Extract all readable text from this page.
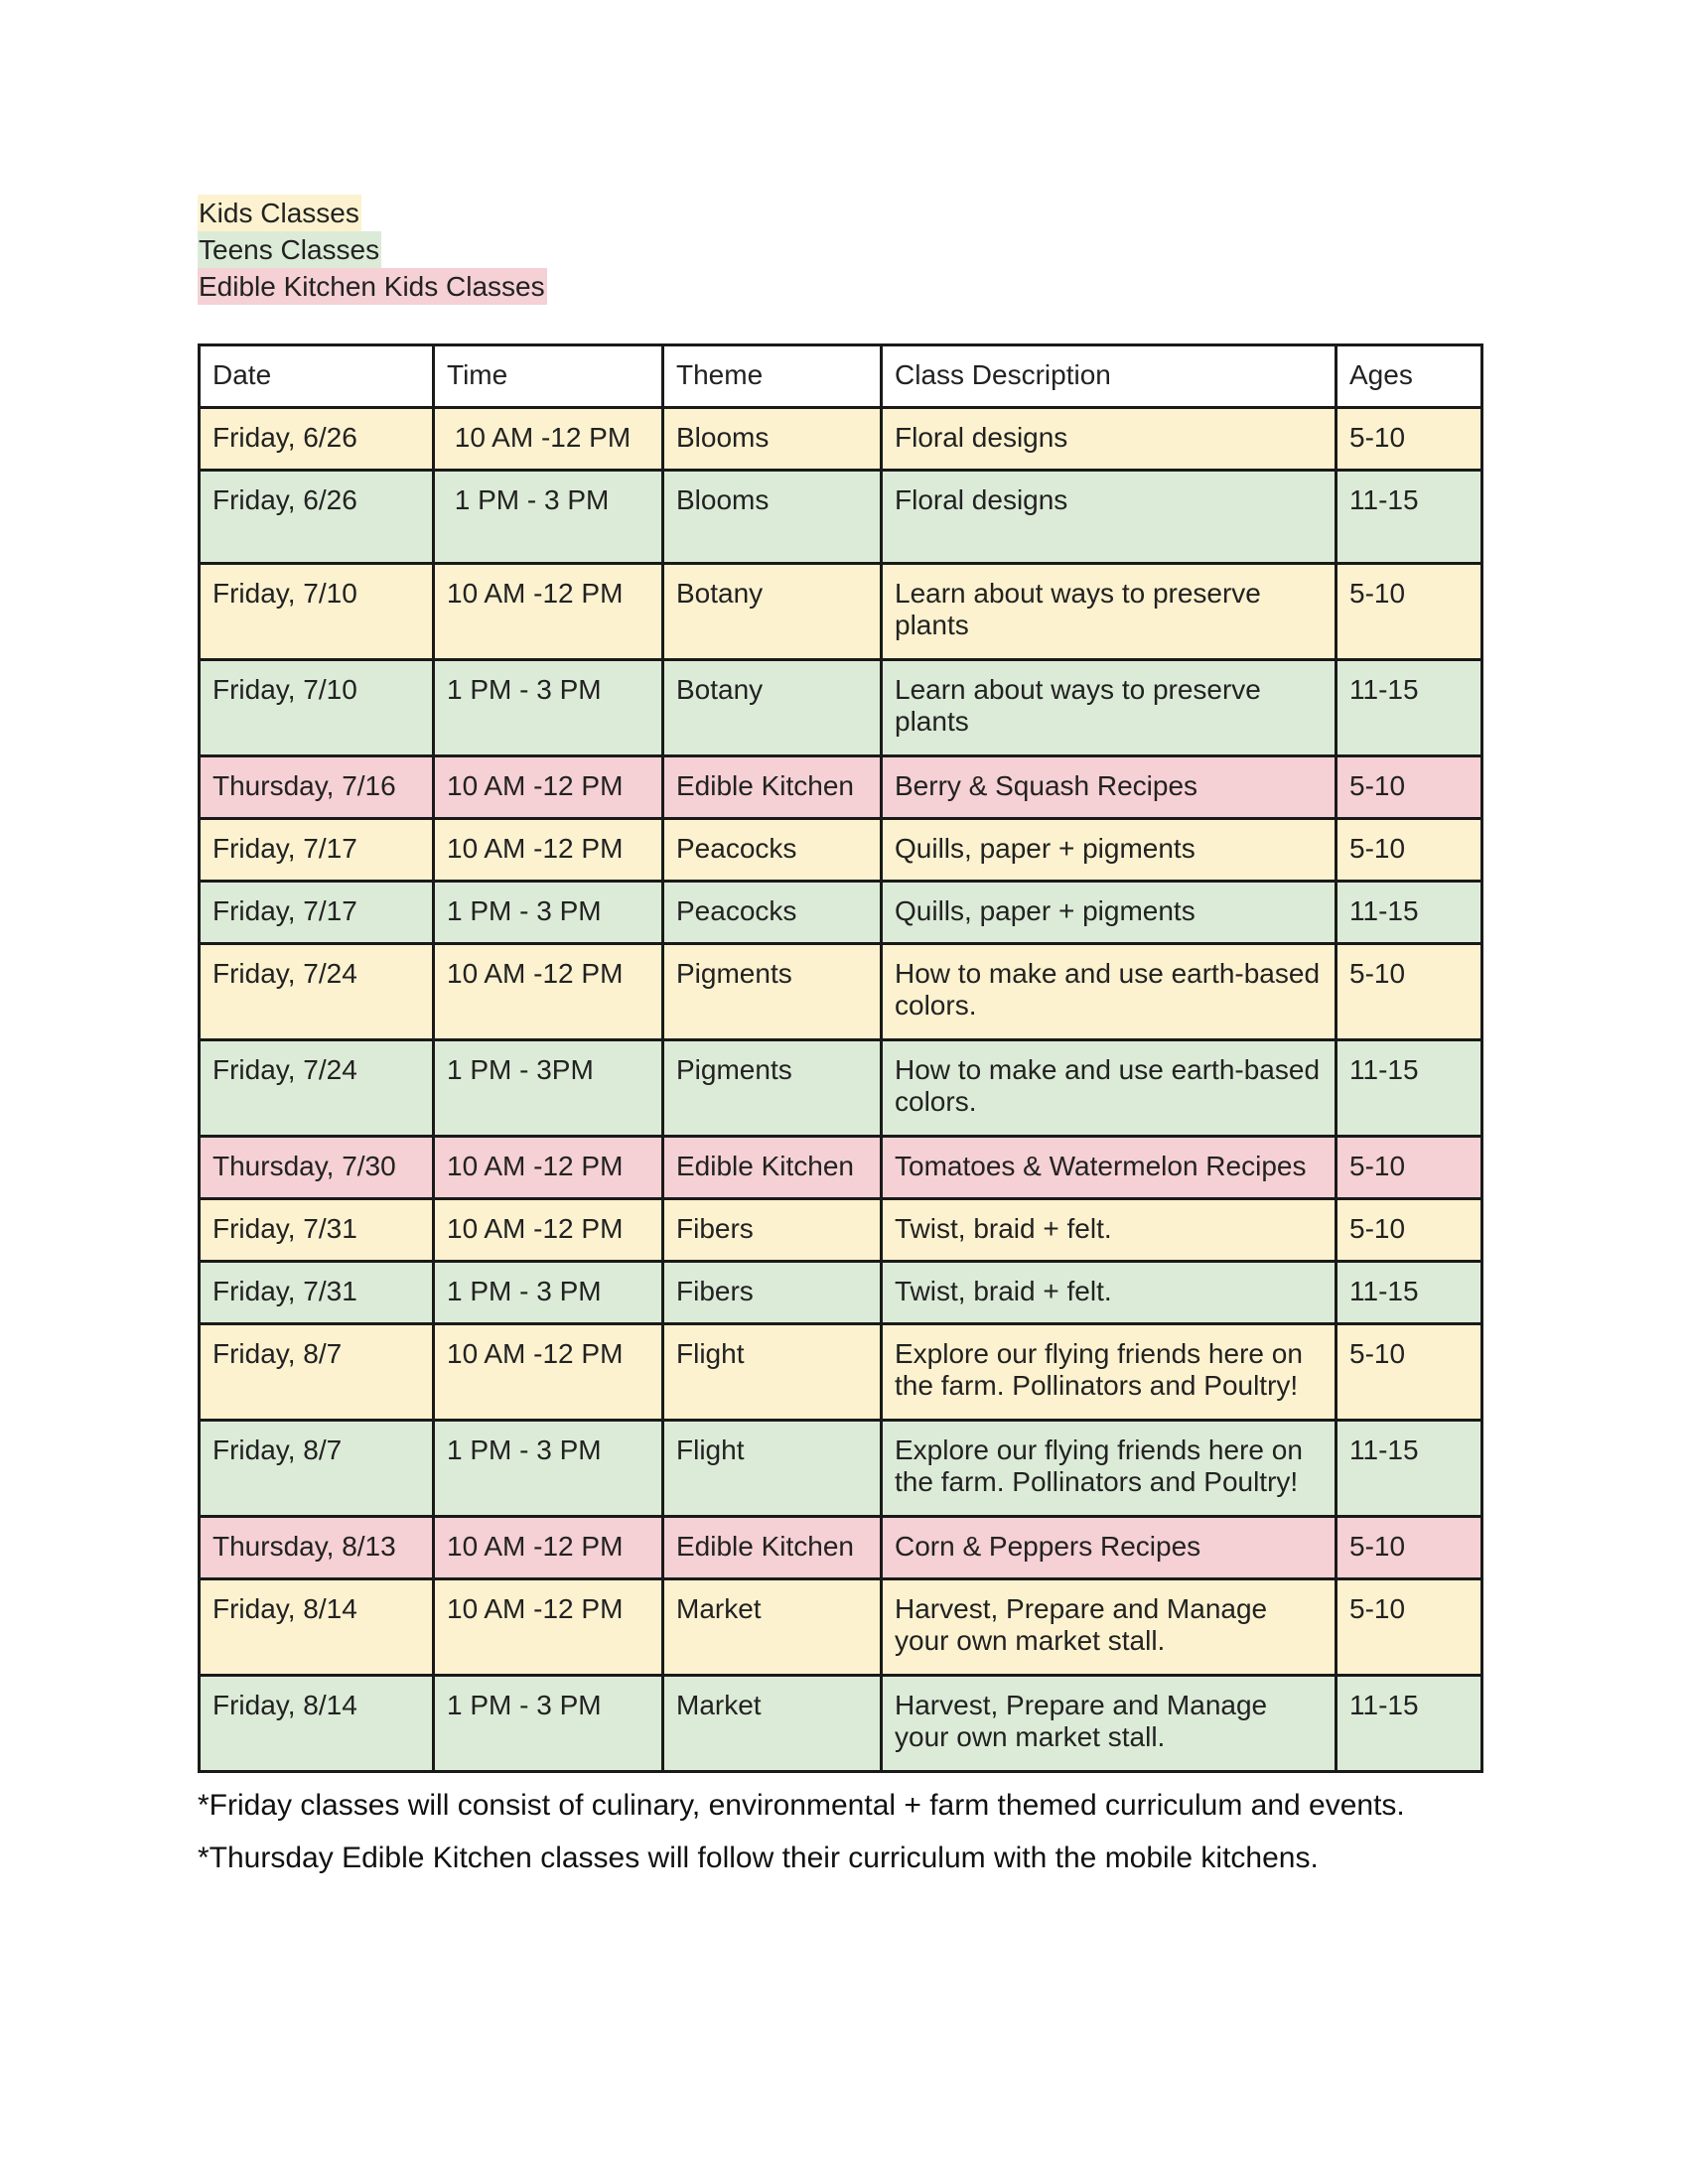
Kids Classes
Teens Classes
Edible Kitchen Kids Classes
Date	Time	Theme	Class Description	Ages
Friday, 6/26	10 AM -12 PM	Blooms	Floral designs	5-10
Friday, 6/26	1 PM - 3 PM	Blooms	Floral designs	11-15
Friday, 7/10	10 AM -12 PM	Botany	Learn about ways to preserve plants	5-10
Friday, 7/10	1 PM - 3 PM	Botany	Learn about ways to preserve plants	11-15
Thursday, 7/16	10 AM -12 PM	Edible Kitchen	Berry & Squash Recipes	5-10
Friday, 7/17	10 AM -12 PM	Peacocks	Quills, paper + pigments	5-10
Friday, 7/17	1 PM - 3 PM	Peacocks	Quills, paper + pigments	11-15
Friday, 7/24	10 AM -12 PM	Pigments	How to make and use earth-based colors.	5-10
Friday, 7/24	1 PM - 3PM	Pigments	How to make and use earth-based colors.	11-15
Thursday, 7/30	10 AM -12 PM	Edible Kitchen	Tomatoes & Watermelon Recipes	5-10
Friday, 7/31	10 AM -12 PM	Fibers	Twist, braid + felt.	5-10
Friday, 7/31	1 PM - 3 PM	Fibers	Twist, braid + felt.	11-15
Friday, 8/7	10 AM -12 PM	Flight	Explore our flying friends here on the farm. Pollinators and Poultry!	5-10
Friday, 8/7	1 PM - 3 PM	Flight	Explore our flying friends here on the farm. Pollinators and Poultry!	11-15
Thursday, 8/13	10 AM -12 PM	Edible Kitchen	Corn & Peppers Recipes	5-10
Friday, 8/14	10 AM -12 PM	Market	Harvest, Prepare and Manage your own market stall.	5-10
Friday, 8/14	1 PM - 3 PM	Market	Harvest, Prepare and Manage your own market stall.	11-15

*Friday classes will consist of culinary, environmental + farm themed curriculum and events.

*Thursday Edible Kitchen classes will follow their curriculum with the mobile kitchens.
